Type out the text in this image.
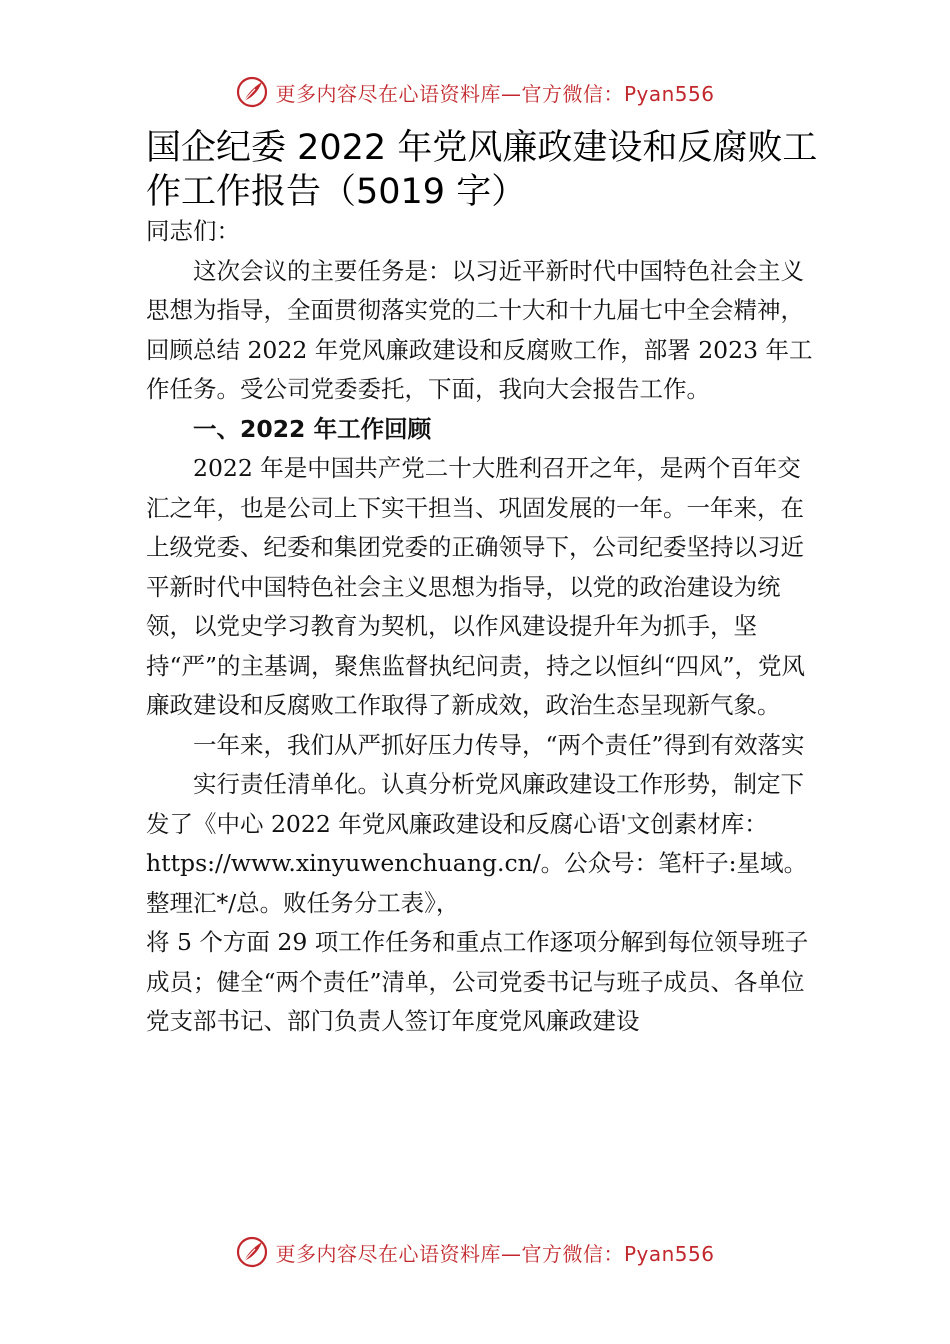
更多内容尽在心语资料库—官方微信：Pyan556
国企纪委 2022 年党风廉政建设和反腐败工作工作报告（5019 字）

同志们：

这次会议的主要任务是：以习近平新时代中国特色社会主义思想为指导，全面贯彻落实党的二十大和十九届七中全会精神，回顾总结 2022 年党风廉政建设和反腐败工作，部署 2023 年工作任务。受公司党委委托，下面，我向大会报告工作。

一、2022 年工作回顾

2022 年是中国共产党二十大胜利召开之年，是两个百年交汇之年，也是公司上下实干担当、巩固发展的一年。一年来，在上级党委、纪委和集团党委的正确领导下，公司纪委坚持以习近平新时代中国特色社会主义思想为指导，以党的政治建设为统领，以党史学习教育为契机，以作风建设提升年为抓手，坚持“严”的主基调，聚焦监督执纪问责，持之以恒纠“四风”，党风廉政建设和反腐败工作取得了新成效，政治生态呈现新气象。

一年来，我们从严抓好压力传导，“两个责任”得到有效落实

实行责任清单化。认真分析党风廉政建设工作形势，制定下发了《中心 2022 年党风廉政建设和反腐心语'文创素材库：https://www.xinyuwenchuang.cn/。公众号：笔杆子:星域。整理汇*/总。败任务分工表》，

将 5 个方面 29 项工作任务和重点工作逐项分解到每位领导班子成员；健全“两个责任”清单，公司党委书记与班子成员、各单位党支部书记、部门负责人签订年度党风廉政建设

更多内容尽在心语资料库—官方微信：Pyan556
